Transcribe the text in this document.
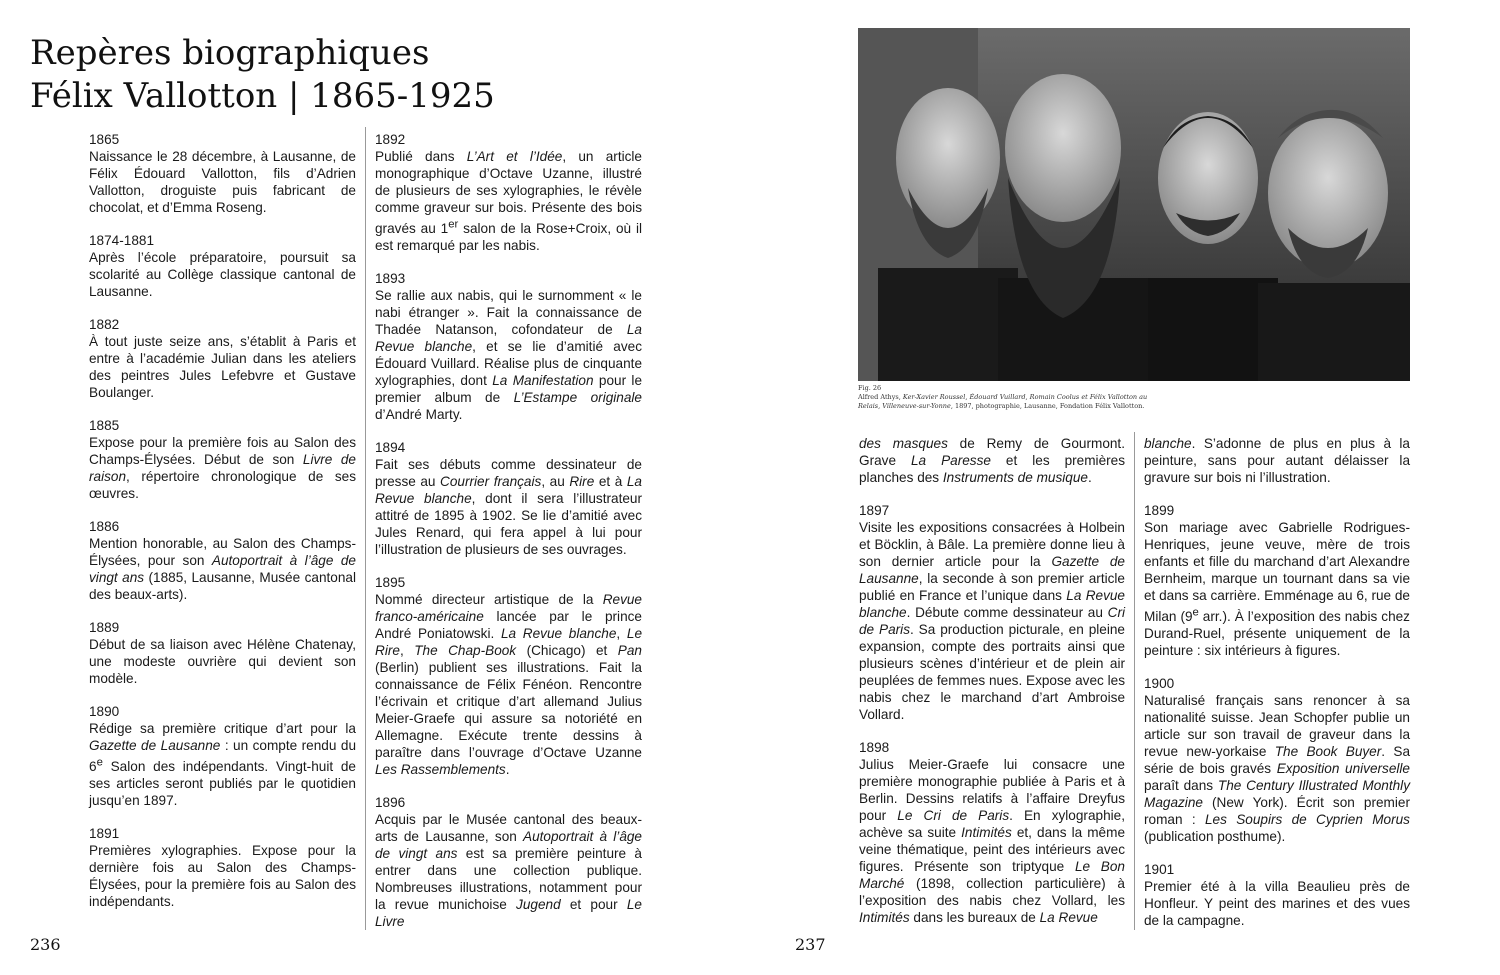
Repères biographiques
Félix Vallotton | 1865-1925

1865
Naissance le 28 décembre, à Lausanne, de Félix Édouard Vallotton, fils d’Adrien Vallotton, droguiste puis fabricant de chocolat, et d’Emma Roseng.

1874-1881
Après l’école préparatoire, poursuit sa scolarité au Collège classique cantonal de Lausanne.

1882
À tout juste seize ans, s’établit à Paris et entre à l’académie Julian dans les ateliers des peintres Jules Lefebvre et Gustave Boulanger.

1885
Expose pour la première fois au Salon des Champs-Élysées. Début de son Livre de raison, répertoire chronologique de ses œuvres.

1886
Mention honorable, au Salon des Champs-Élysées, pour son Autoportrait à l’âge de vingt ans (1885, Lausanne, Musée cantonal des beaux-arts).

1889
Début de sa liaison avec Hélène Chatenay, une modeste ouvrière qui devient son modèle.

1890
Rédige sa première critique d’art pour la Gazette de Lausanne : un compte rendu du 6e Salon des indépendants. Vingt-huit de ses articles seront publiés par le quotidien jusqu’en 1897.

1891
Premières xylographies. Expose pour la dernière fois au Salon des Champs-Élysées, pour la première fois au Salon des indépendants.

1892
Publié dans L’Art et l’Idée, un article monographique d’Octave Uzanne, illustré de plusieurs de ses xylographies, le révèle comme graveur sur bois. Présente des bois gravés au 1er salon de la Rose+Croix, où il est remarqué par les nabis.

1893
Se rallie aux nabis, qui le surnomment « le nabi étranger ». Fait la connaissance de Thadée Natanson, cofondateur de La Revue blanche, et se lie d’amitié avec Édouard Vuillard. Réalise plus de cinquante xylographies, dont La Manifestation pour le premier album de L’Estampe originale d’André Marty.

1894
Fait ses débuts comme dessinateur de presse au Courrier français, au Rire et à La Revue blanche, dont il sera l’illustrateur attitré de 1895 à 1902. Se lie d’amitié avec Jules Renard, qui fera appel à lui pour l’illustration de plusieurs de ses ouvrages.

1895
Nommé directeur artistique de la Revue franco-américaine lancée par le prince André Poniatowski. La Revue blanche, Le Rire, The Chap-Book (Chicago) et Pan (Berlin) publient ses illustrations. Fait la connaissance de Félix Fénéon. Rencontre l’écrivain et critique d’art allemand Julius Meier-Graefe qui assure sa notoriété en Allemagne. Exécute trente dessins à paraître dans l’ouvrage d’Octave Uzanne Les Rassemblements.

1896
Acquis par le Musée cantonal des beaux-arts de Lausanne, son Autoportrait à l’âge de vingt ans est sa première peinture à entrer dans une collection publique. Nombreuses illustrations, notamment pour la revue munichoise Jugend et pour Le Livre

236
Fig. 26
Alfred Athys, Ker-Xavier Roussel, Édouard Vuillard, Romain Coolus et Félix Vallotton au Relais, Villeneuve-sur-Yonne, 1897, photographie, Lausanne, Fondation Félix Vallotton.

des masques de Remy de Gourmont. Grave La Paresse et les premières planches des Instruments de musique.

1897
Visite les expositions consacrées à Holbein et Böcklin, à Bâle. La première donne lieu à son dernier article pour la Gazette de Lausanne, la seconde à son premier article publié en France et l’unique dans La Revue blanche. Débute comme dessinateur au Cri de Paris. Sa production picturale, en pleine expansion, compte des portraits ainsi que plusieurs scènes d’intérieur et de plein air peuplées de femmes nues. Expose avec les nabis chez le marchand d’art Ambroise Vollard.

1898
Julius Meier-Graefe lui consacre une première monographie publiée à Paris et à Berlin. Dessins relatifs à l’affaire Dreyfus pour Le Cri de Paris. En xylographie, achève sa suite Intimités et, dans la même veine thématique, peint des intérieurs avec figures. Présente son triptyque Le Bon Marché (1898, collection particulière) à l’exposition des nabis chez Vollard, les Intimités dans les bureaux de La Revue

blanche. S’adonne de plus en plus à la peinture, sans pour autant délaisser la gravure sur bois ni l’illustration.

1899
Son mariage avec Gabrielle Rodrigues-Henriques, jeune veuve, mère de trois enfants et fille du marchand d’art Alexandre Bernheim, marque un tournant dans sa vie et dans sa carrière. Emménage au 6, rue de Milan (9e arr.). À l’exposition des nabis chez Durand-Ruel, présente uniquement de la peinture : six intérieurs à figures.

1900
Naturalisé français sans renoncer à sa nationalité suisse. Jean Schopfer publie un article sur son travail de graveur dans la revue new-yorkaise The Book Buyer. Sa série de bois gravés Exposition universelle paraît dans The Century Illustrated Monthly Magazine (New York). Écrit son premier roman : Les Soupirs de Cyprien Morus (publication posthume).

1901
Premier été à la villa Beaulieu près de Honfleur. Y peint des marines et des vues de la campagne.

237
